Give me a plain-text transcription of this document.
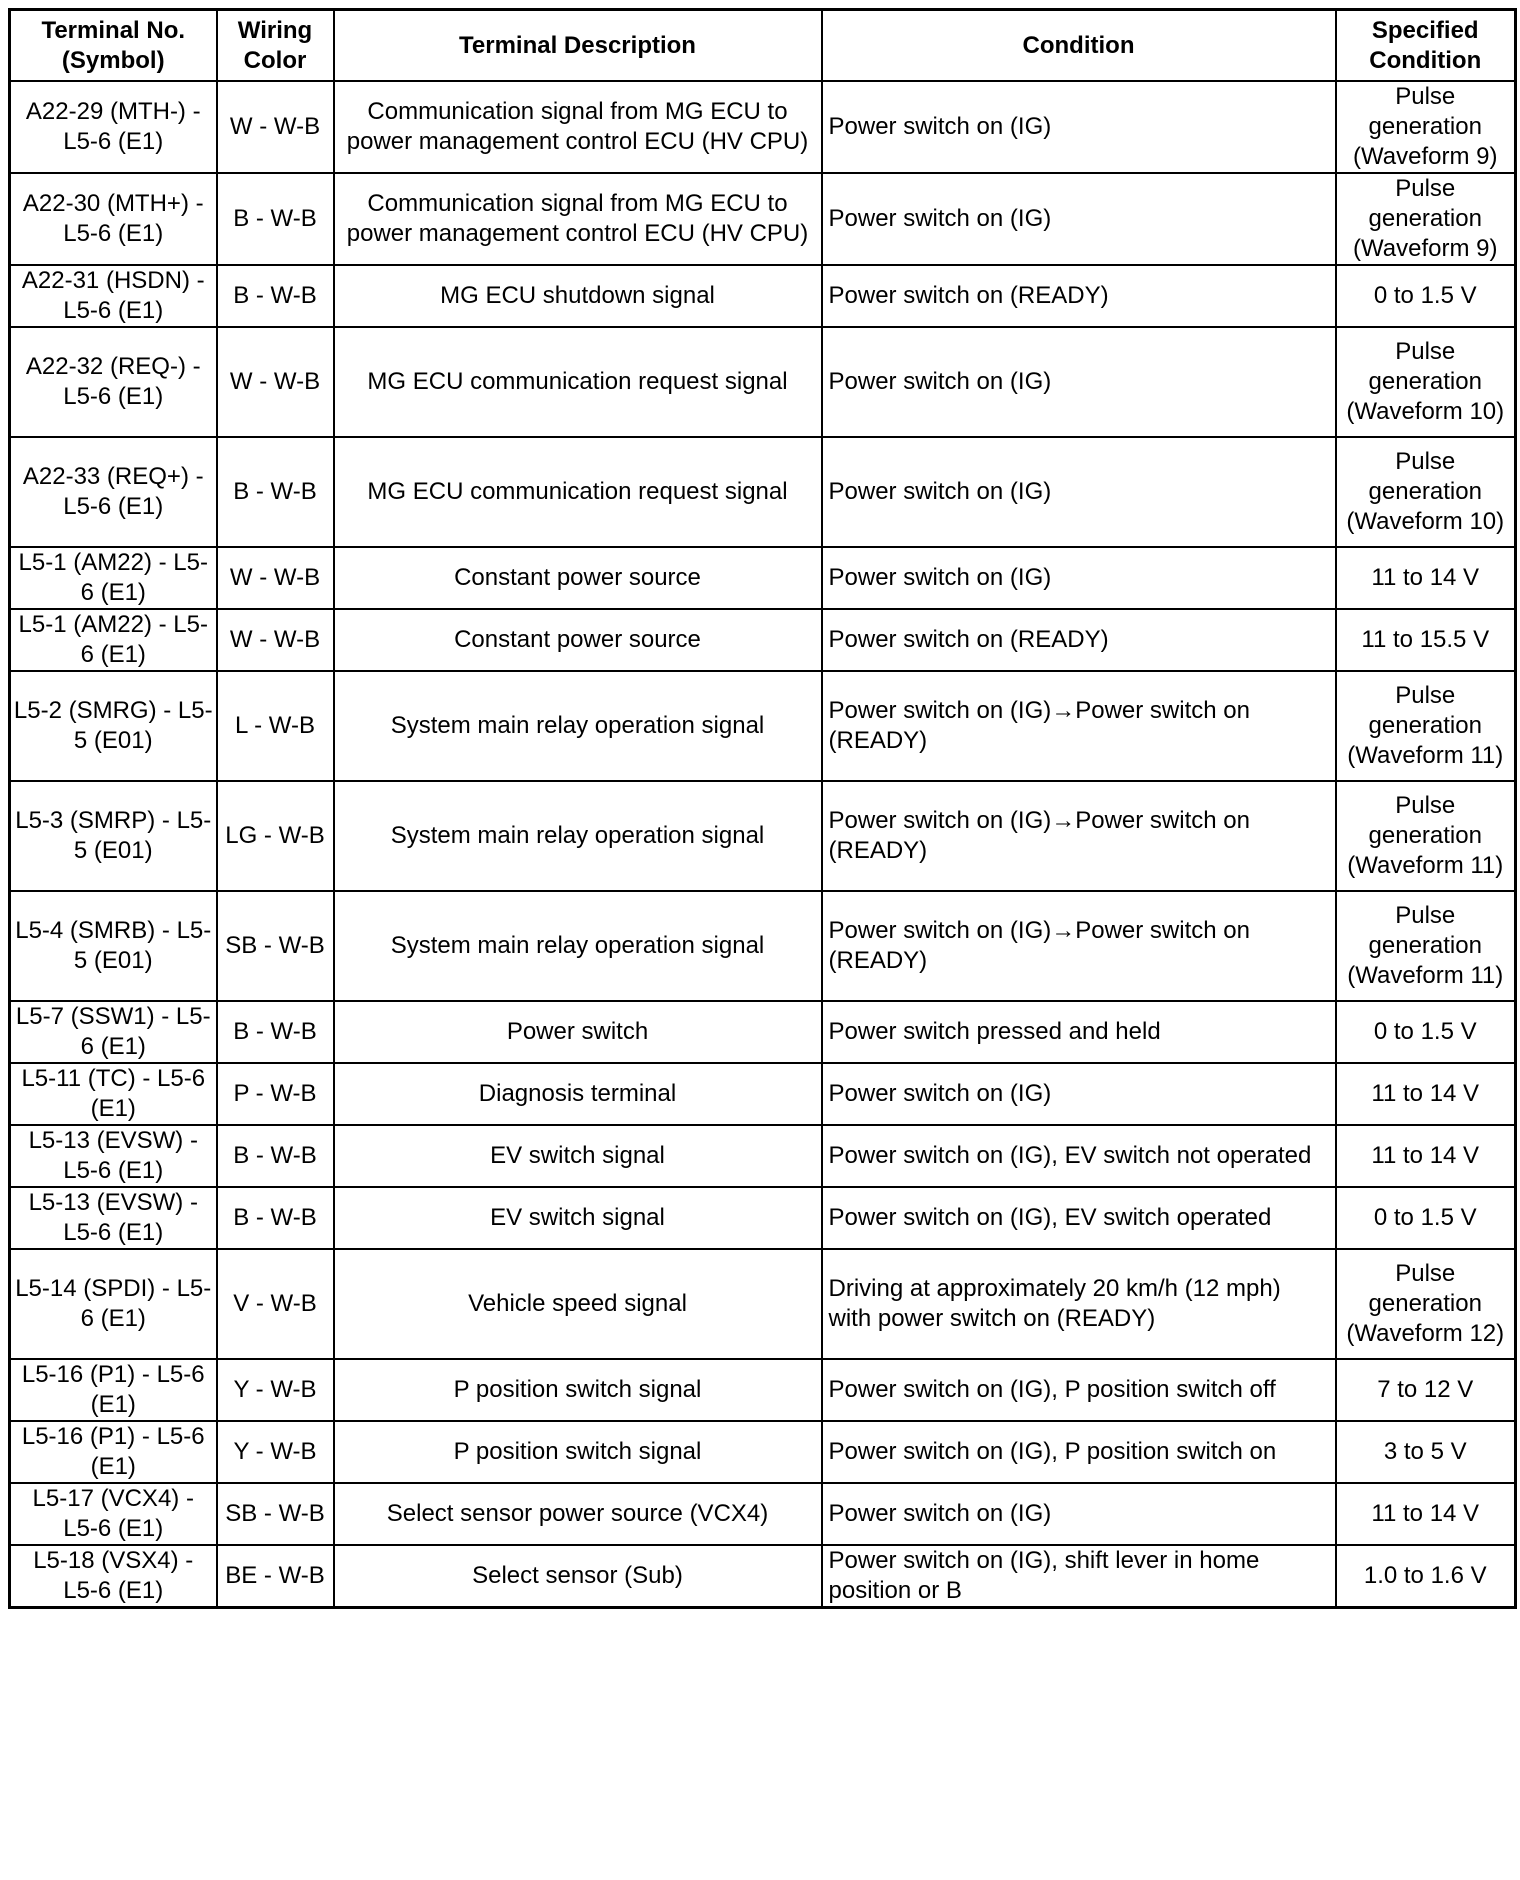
Terminal No. (Symbol)	Wiring Color	Terminal Description	Condition	Specified Condition
A22-29 (MTH-) - L5-6 (E1)	W - W-B	Communication signal from MG ECU to power management control ECU (HV CPU)	Power switch on (IG)	Pulse generation (Waveform 9)
A22-30 (MTH+) - L5-6 (E1)	B - W-B	Communication signal from MG ECU to power management control ECU (HV CPU)	Power switch on (IG)	Pulse generation (Waveform 9)
A22-31 (HSDN) - L5-6 (E1)	B - W-B	MG ECU shutdown signal	Power switch on (READY)	0 to 1.5 V
A22-32 (REQ-) - L5-6 (E1)	W - W-B	MG ECU communication request signal	Power switch on (IG)	Pulse generation (Waveform 10)
A22-33 (REQ+) - L5-6 (E1)	B - W-B	MG ECU communication request signal	Power switch on (IG)	Pulse generation (Waveform 10)
L5-1 (AM22) - L5-6 (E1)	W - W-B	Constant power source	Power switch on (IG)	11 to 14 V
L5-1 (AM22) - L5-6 (E1)	W - W-B	Constant power source	Power switch on (READY)	11 to 15.5 V
L5-2 (SMRG) - L5-5 (E01)	L - W-B	System main relay operation signal	Power switch on (IG)→Power switch on (READY)	Pulse generation (Waveform 11)
L5-3 (SMRP) - L5-5 (E01)	LG - W-B	System main relay operation signal	Power switch on (IG)→Power switch on (READY)	Pulse generation (Waveform 11)
L5-4 (SMRB) - L5-5 (E01)	SB - W-B	System main relay operation signal	Power switch on (IG)→Power switch on (READY)	Pulse generation (Waveform 11)
L5-7 (SSW1) - L5-6 (E1)	B - W-B	Power switch	Power switch pressed and held	0 to 1.5 V
L5-11 (TC) - L5-6 (E1)	P - W-B	Diagnosis terminal	Power switch on (IG)	11 to 14 V
L5-13 (EVSW) - L5-6 (E1)	B - W-B	EV switch signal	Power switch on (IG), EV switch not operated	11 to 14 V
L5-13 (EVSW) - L5-6 (E1)	B - W-B	EV switch signal	Power switch on (IG), EV switch operated	0 to 1.5 V
L5-14 (SPDI) - L5-6 (E1)	V - W-B	Vehicle speed signal	Driving at approximately 20 km/h (12 mph) with power switch on (READY)	Pulse generation (Waveform 12)
L5-16 (P1) - L5-6 (E1)	Y - W-B	P position switch signal	Power switch on (IG), P position switch off	7 to 12 V
L5-16 (P1) - L5-6 (E1)	Y - W-B	P position switch signal	Power switch on (IG), P position switch on	3 to 5 V
L5-17 (VCX4) - L5-6 (E1)	SB - W-B	Select sensor power source (VCX4)	Power switch on (IG)	11 to 14 V
L5-18 (VSX4) - L5-6 (E1)	BE - W-B	Select sensor (Sub)	Power switch on (IG), shift lever in home position or B	1.0 to 1.6 V
